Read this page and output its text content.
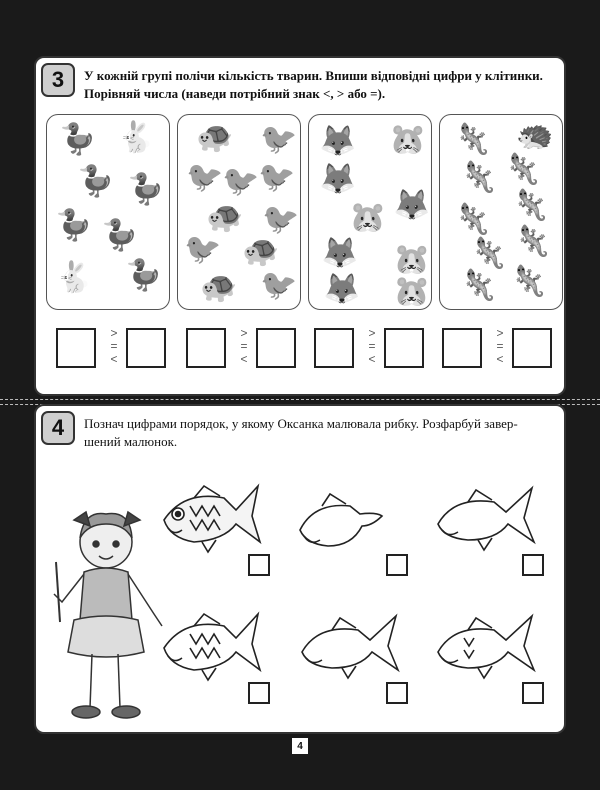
3	У кожній групі полічи кількість тварин. Впиши відповідні цифри у клітинки.
Порівняй числа (наведи потрібний знак <, > або =).
🦆 🐇
🦆 🦆
🦆 🦆
🐇 🦆
🐢 🐦
🐦
🐦
🐦
🐢 🐦
🐦 🐢
🐢 🐦
🦊 🐹
🦊
🐹 🦊
🦊 🐹
🦊 🐹
🦎 🦔
🦎 🦎
🦎 🦎
🦎 🦎
🦎 🦎
>
=
<
>
=
<
>
=
<
>
=
<
4	Познач цифрами порядок, у якому Оксанка малювала рибку. Розфарбуй завер-
шений малюнок.
4
